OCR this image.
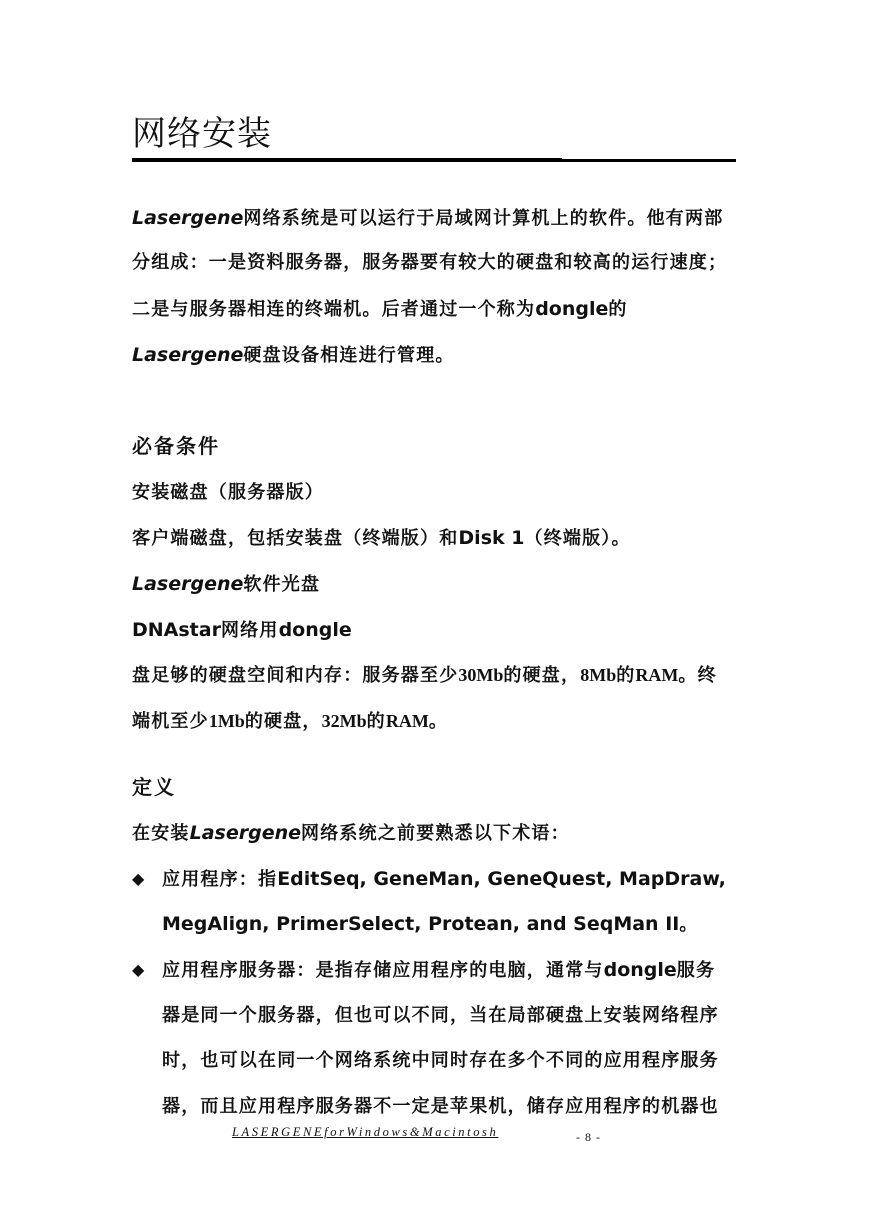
网络安装
Lasergene网络系统是可以运行于局域网计算机上的软件。他有两部
分组成：一是资料服务器，服务器要有较大的硬盘和较高的运行速度；
二是与服务器相连的终端机。后者通过一个称为dongle的
Lasergene硬盘设备相连进行管理。
必备条件
安装磁盘（服务器版）
客户端磁盘，包括安装盘（终端版）和Disk 1（终端版）。
Lasergene软件光盘
DNAstar网络用dongle
盘足够的硬盘空间和内存：服务器至少30Mb的硬盘，8Mb的RAM。终
端机至少1Mb的硬盘，32Mb的RAM。
定义
在安装Lasergene网络系统之前要熟悉以下术语：
◆ 应用程序：指EditSeq, GeneMan, GeneQuest, MapDraw,
MegAlign, PrimerSelect, Protean, and SeqMan II。
◆ 应用程序服务器：是指存储应用程序的电脑，通常与dongle服务
器是同一个服务器，但也可以不同，当在局部硬盘上安装网络程序
时，也可以在同一个网络系统中同时存在多个不同的应用程序服务
器，而且应用程序服务器不一定是苹果机，储存应用程序的机器也
LASERGENEforWindows&Macintosh	- 8 -
